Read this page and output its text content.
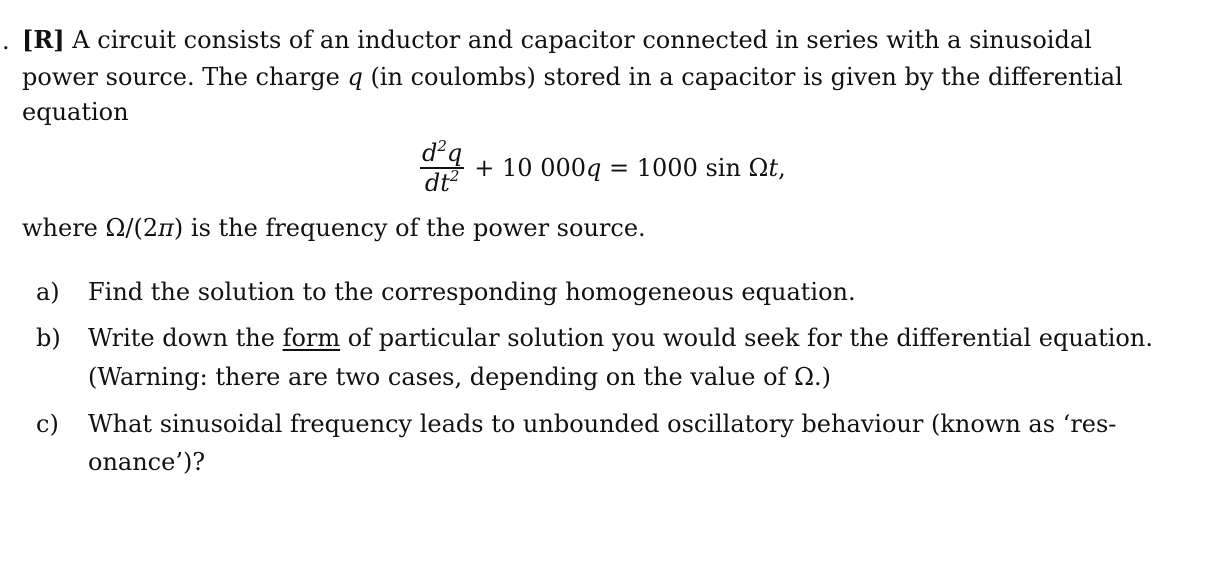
. [R] A circuit consists of an inductor and capacitor connected in series with a sinusoidal
power source. The charge q (in coulombs) stored in a capacitor is given by the differential
equation
$\frac{d^2q}{dt^2} + 10$ 000q = 1000 sin Ωt,
where Ω/(2π) is the frequency of the power source.
a) Find the solution to the corresponding homogeneous equation.
b) Write down the form of particular solution you would seek for the differential equation.
(Warning: there are two cases, depending on the value of Ω.)
c) What sinusoidal frequency leads to unbounded oscillatory behaviour (known as ‘res-
onance’)?
